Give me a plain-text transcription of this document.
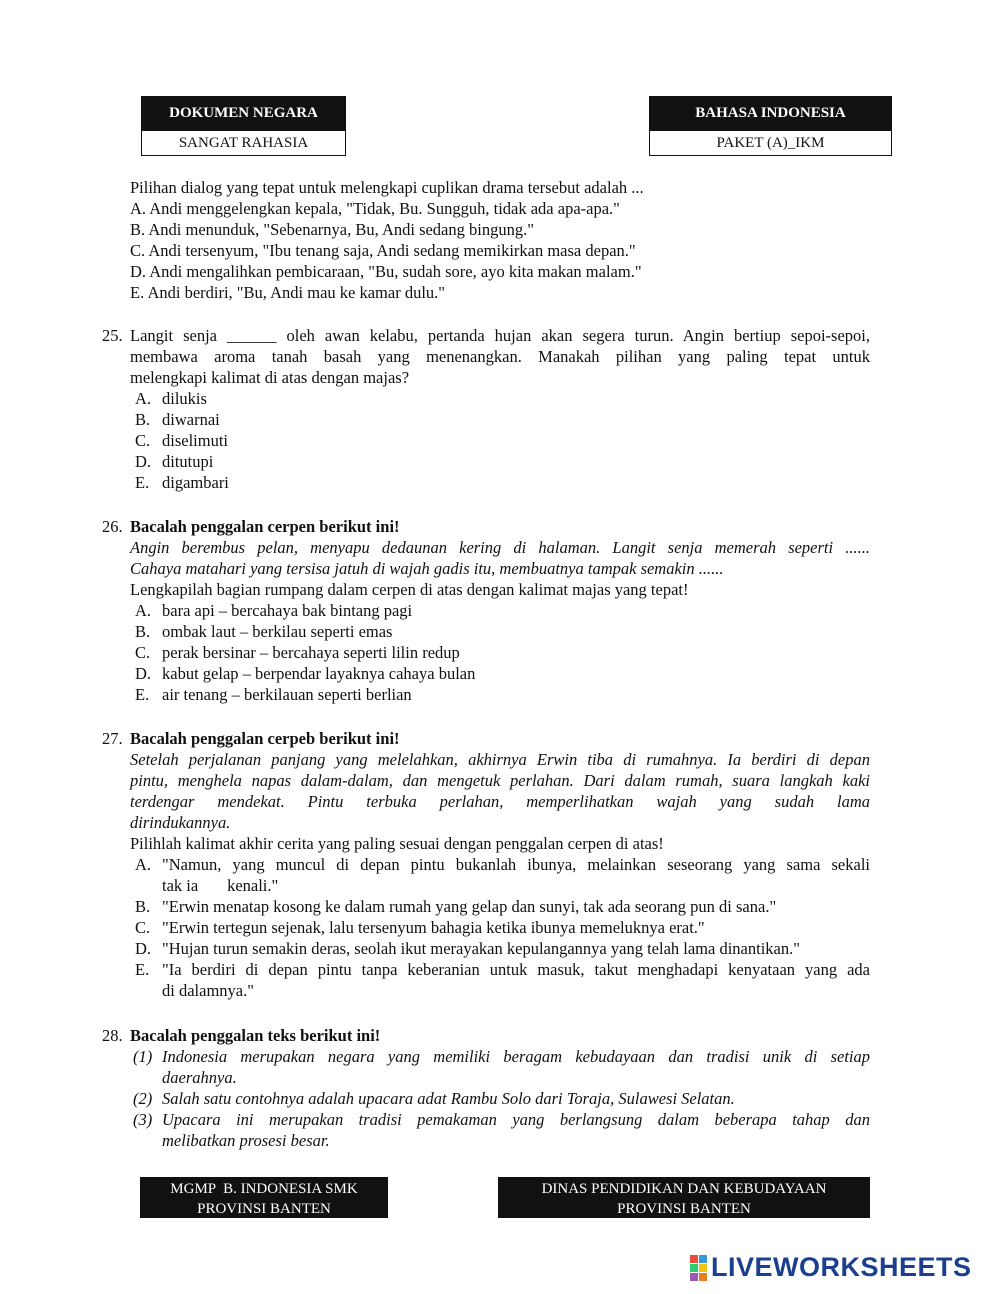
DOKUMEN NEGARA
SANGAT RAHASIA
BAHASA INDONESIA
PAKET (A)_IKM
Pilihan dialog yang tepat untuk melengkapi cuplikan drama tersebut adalah ...
A. Andi menggelengkan kepala, "Tidak, Bu. Sungguh, tidak ada apa-apa."
B. Andi menunduk, "Sebenarnya, Bu, Andi sedang bingung."
C. Andi tersenyum, "Ibu tenang saja, Andi sedang memikirkan masa depan."
D. Andi mengalihkan pembicaraan, "Bu, sudah sore, ayo kita makan malam."
E. Andi berdiri, "Bu, Andi mau ke kamar dulu."
25. Langit senja ______ oleh awan kelabu, pertanda hujan akan segera turun. Angin bertiup sepoi-sepoi,
membawa aroma tanah basah yang menenangkan. Manakah pilihan yang paling tepat untuk
melengkapi kalimat di atas dengan majas?
A. dilukis
B. diwarnai
C. diselimuti
D. ditutupi
E. digambari
26. Bacalah penggalan cerpen berikut ini!
Angin berembus pelan, menyapu dedaunan kering di halaman. Langit senja memerah seperti ......
Cahaya matahari yang tersisa jatuh di wajah gadis itu, membuatnya tampak semakin ......
Lengkapilah bagian rumpang dalam cerpen di atas dengan kalimat majas yang tepat!
A. bara api – bercahaya bak bintang pagi
B. ombak laut – berkilau seperti emas
C. perak bersinar – bercahaya seperti lilin redup
D. kabut gelap – berpendar layaknya cahaya bulan
E. air tenang – berkilauan seperti berlian
27. Bacalah penggalan cerpeb berikut ini!
Setelah perjalanan panjang yang melelahkan, akhirnya Erwin tiba di rumahnya. Ia berdiri di depan
pintu, menghela napas dalam-dalam, dan mengetuk perlahan. Dari dalam rumah, suara langkah kaki
terdengar mendekat. Pintu terbuka perlahan, memperlihatkan wajah yang sudah lama
dirindukannya.
Pilihlah kalimat akhir cerita yang paling sesuai dengan penggalan cerpen di atas!
A. "Namun, yang muncul di depan pintu bukanlah ibunya, melainkan seseorang yang sama sekali
tak ia       kenali."
B. "Erwin menatap kosong ke dalam rumah yang gelap dan sunyi, tak ada seorang pun di sana."
C. "Erwin tertegun sejenak, lalu tersenyum bahagia ketika ibunya memeluknya erat."
D. "Hujan turun semakin deras, seolah ikut merayakan kepulangannya yang telah lama dinantikan."
E. "Ia berdiri di depan pintu tanpa keberanian untuk masuk, takut menghadapi kenyataan yang ada
di dalamnya."
28. Bacalah penggalan teks berikut ini!
(1) Indonesia merupakan negara yang memiliki beragam kebudayaan dan tradisi unik di setiap
daerahnya.
(2) Salah satu contohnya adalah upacara adat Rambu Solo dari Toraja, Sulawesi Selatan.
(3) Upacara ini merupakan tradisi pemakaman yang berlangsung dalam beberapa tahap dan
melibatkan prosesi besar.
MGMP  B. INDONESIA SMK
PROVINSI BANTEN
DINAS PENDIDIKAN DAN KEBUDAYAAN
PROVINSI BANTEN
LIVEWORKSHEETS
